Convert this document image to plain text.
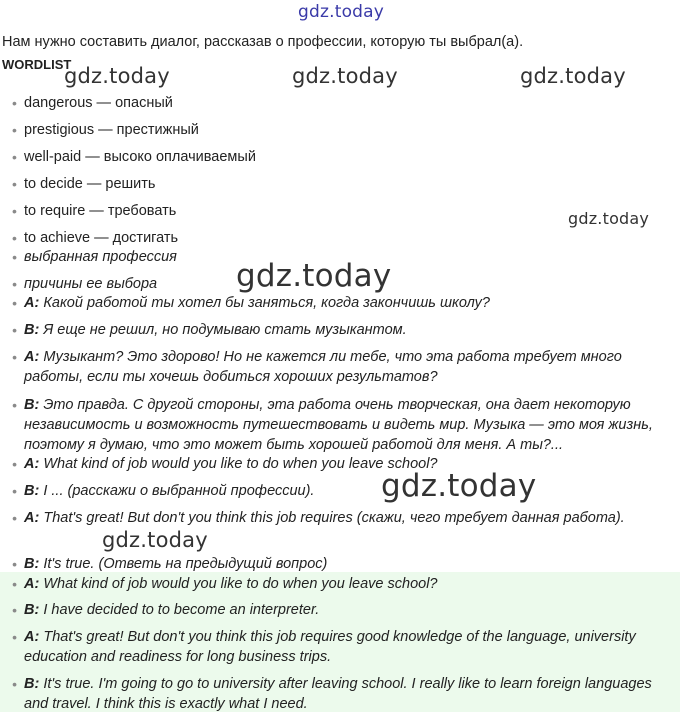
gdz.today
gdz.today	gdz.today	gdz.today
gdz.today
gdz.today
gdz.today
gdz.today
Нам нужно составить диалог, рассказав о профессии, которую ты выбрал(а).
WORDLIST
• dangerous — опасный
• prestigious — престижный
• well-paid — высоко оплачиваемый
• to decide — решить
• to require — требовать
• to achieve — достигать
• выбранная профессия
• причины ее выбора
• A: Какой работой ты хотел бы заняться, когда закончишь школу?
• B: Я еще не решил, но подумываю стать музыкантом.
• A: Музыкант? Это здорово! Но не кажется ли тебе, что эта работа требует много работы, если ты хочешь добиться хороших результатов?
• B: Это правда. С другой стороны, эта работа очень творческая, она дает некоторую независимость и возможность путешествовать и видеть мир. Музыка — это моя жизнь, поэтому я думаю, что это может быть хорошей работой для меня. А ты?...
• A: What kind of job would you like to do when you leave school?
• B: I ... (расскажи о выбранной профессии).
• A: That's great! But don't you think this job requires (скажи, чего требует данная работа).
• B: It's true. (Ответь на предыдущий вопрос)
• A: What kind of job would you like to do when you leave school?
• B: I have decided to to become an interpreter.
• A: That's great! But don't you think this job requires good knowledge of the language, university education and readiness for long business trips.
• B: It's true. I'm going to go to university after leaving school. I really like to learn foreign languages and travel. I think this is exactly what I need.
